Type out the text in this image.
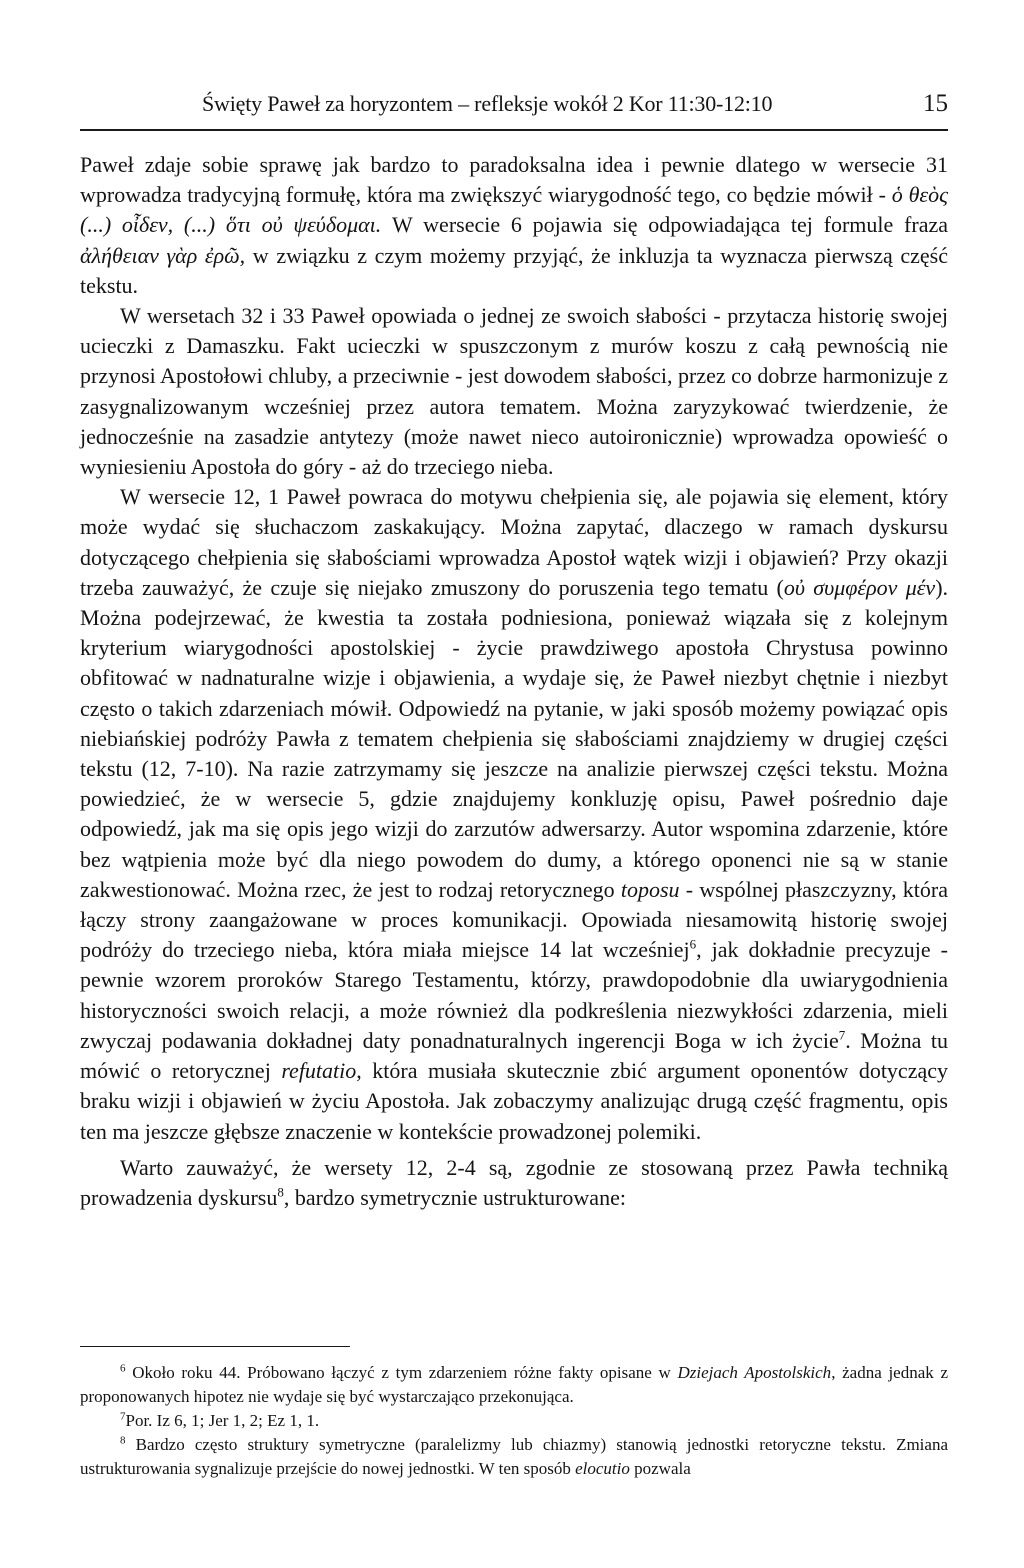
Święty Paweł za horyzontem – refleksje wokół 2 Kor 11:30-12:10	15

Paweł zdaje sobie sprawę jak bardzo to paradoksalna idea i pewnie dlatego w wersecie 31 wprowadza tradycyjną formułę, która ma zwiększyć wiarygodność tego, co będzie mówił - ὁ θεὸς (...) οἶδεν, (...) ὅτι οὐ ψεύδομαι. W wersecie 6 pojawia się odpowiadająca tej formule fraza ἀλήθειαν γὰρ ἐρῶ, w związku z czym możemy przyjąć, że inkluzja ta wyznacza pierwszą część tekstu.

W wersetach 32 i 33 Paweł opowiada o jednej ze swoich słabości - przytacza historię swojej ucieczki z Damaszku. Fakt ucieczki w spuszczonym z murów koszu z całą pewnością nie przynosi Apostołowi chluby, a przeciwnie - jest dowodem słabości, przez co dobrze harmonizuje z zasygnalizowanym wcześniej przez autora tematem. Można zaryzykować twierdzenie, że jednocześnie na zasadzie antytezy (może nawet nieco autoironicznie) wprowadza opowieść o wyniesieniu Apostoła do góry - aż do trzeciego nieba.

W wersecie 12, 1 Paweł powraca do motywu chełpienia się, ale pojawia się element, który może wydać się słuchaczom zaskakujący. Można zapytać, dlaczego w ramach dyskursu dotyczącego chełpienia się słabościami wprowadza Apostoł wątek wizji i objawień? Przy okazji trzeba zauważyć, że czuje się niejako zmuszony do poruszenia tego tematu (οὐ συμφέρον μέν). Można podejrzewać, że kwestia ta została podniesiona, ponieważ wiązała się z kolejnym kryterium wiarygodności apostolskiej - życie prawdziwego apostoła Chrystusa powinno obfitować w nadnaturalne wizje i objawienia, a wydaje się, że Paweł niezbyt chętnie i niezbyt często o takich zdarzeniach mówił. Odpowiedź na pytanie, w jaki sposób możemy powiązać opis niebiańskiej podróży Pawła z tematem chełpienia się słabościami znajdziemy w drugiej części tekstu (12, 7-10). Na razie zatrzymamy się jeszcze na analizie pierwszej części tekstu. Można powiedzieć, że w wersecie 5, gdzie znajdujemy konkluzję opisu, Paweł pośrednio daje odpowiedź, jak ma się opis jego wizji do zarzutów adwersarzy. Autor wspomina zdarzenie, które bez wątpienia może być dla niego powodem do dumy, a którego oponenci nie są w stanie zakwestionować. Można rzec, że jest to rodzaj retorycznego toposu - wspólnej płaszczyzny, która łączy strony zaangażowane w proces komunikacji. Opowiada niesamowitą historię swojej podróży do trzeciego nieba, która miała miejsce 14 lat wcześniej$^6$, jak dokładnie precyzuje - pewnie wzorem proroków Starego Testamentu, którzy, prawdopodobnie dla uwiarygodnienia historyczności swoich relacji, a może również dla podkreślenia niezwykłości zdarzenia, mieli zwyczaj podawania dokładnej daty ponadnaturalnych ingerencji Boga w ich życie$^7$. Można tu mówić o retorycznej refutatio, która musiała skutecznie zbić argument oponentów dotyczący braku wizji i objawień w życiu Apostoła. Jak zobaczymy analizując drugą część fragmentu, opis ten ma jeszcze głębsze znaczenie w kontekście prowadzonej polemiki.

Warto zauważyć, że wersety 12, 2-4 są, zgodnie ze stosowaną przez Pawła techniką prowadzenia dyskursu$^8$, bardzo symetrycznie ustrukturowane:

$^6$ Około roku 44. Próbowano łączyć z tym zdarzeniem różne fakty opisane w Dziejach Apostolskich, żadna jednak z proponowanych hipotez nie wydaje się być wystarczająco przekonująca.

$^7$Por. Iz 6, 1; Jer 1, 2; Ez 1, 1.

$^8$ Bardzo często struktury symetryczne (paralelizmy lub chiazmy) stanowią jednostki retoryczne tekstu. Zmiana ustrukturowania sygnalizuje przejście do nowej jednostki. W ten sposób elocutio pozwala
